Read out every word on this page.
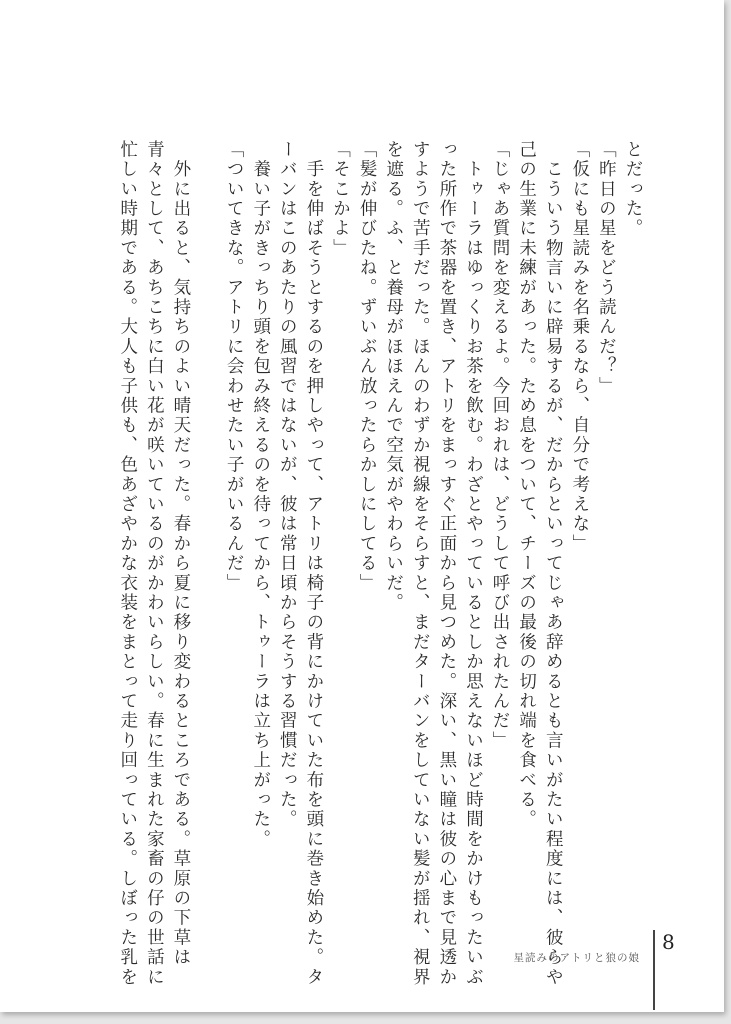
とだった。
「昨日の星をどう読んだ？」
「仮にも星読みを名乗るなら、自分で考えな」
　こういう物言いに辟易するが、だからといってじゃあ辞めるとも言いがたい程度には、彼らや
己の生業に未練があった。ため息をついて、チーズの最後の切れ端を食べる。
「じゃあ質問を変えるよ。今回おれは、どうして呼び出されたんだ」
　トゥーラはゆっくりお茶を飲む。わざとやっているとしか思えないほど時間をかけもったいぶ
った所作で茶器を置き、アトリをまっすぐ正面から見つめた。深い、黒い瞳は彼の心まで見透か
すようで苦手だった。ほんのわずか視線をそらすと、まだターバンをしていない髪が揺れ、視界
を遮る。ふ、と養母がほほえんで空気がやわらいだ。
「髪が伸びたね。ずいぶん放ったらかしにしてる」
「そこかよ」
　手を伸ばそうとするのを押しやって、アトリは椅子の背にかけていた布を頭に巻き始めた。タ
ーバンはこのあたりの風習ではないが、彼は常日頃からそうする習慣だった。
　養い子がきっちり頭を包み終えるのを待ってから、トゥーラは立ち上がった。
「ついてきな。アトリに会わせたい子がいるんだ」
　外に出ると、気持ちのよい晴天だった。春から夏に移り変わるところである。草原の下草は
青々として、あちこちに白い花が咲いているのがかわいらしい。春に生まれた家畜の仔の世話に
忙しい時期である。大人も子供も、色あざやかな衣装をまとって走り回っている。しぼった乳を	星読みのアトリと狼の娘
8
